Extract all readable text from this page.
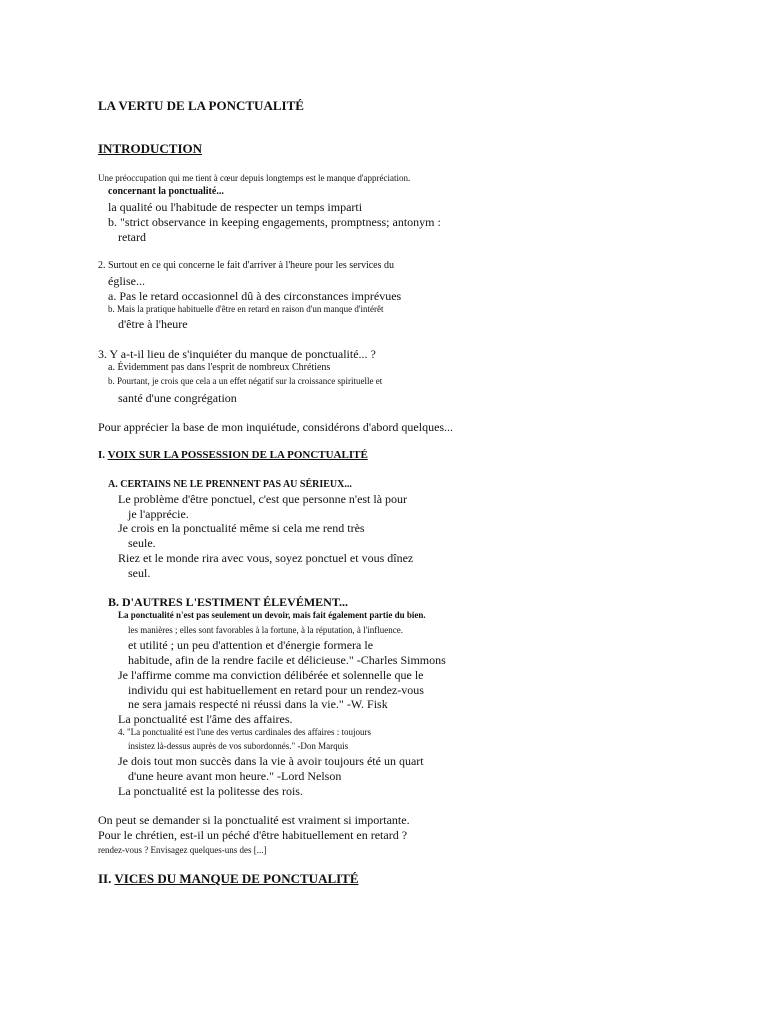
LA VERTU DE LA PONCTUALITÉ
INTRODUCTION
Une préoccupation qui me tient à cœur depuis longtemps est le manque d'appréciation.
concernant la ponctualité...
la qualité ou l'habitude de respecter un temps imparti
b. "strict observance in keeping engagements, promptness; antonym :
retard
2. Surtout en ce qui concerne le fait d'arriver à l'heure pour les services du
église...
a. Pas le retard occasionnel dû à des circonstances imprévues
b. Mais la pratique habituelle d'être en retard en raison d'un manque d'intérêt
d'être à l'heure
3. Y a-t-il lieu de s'inquiéter du manque de ponctualité... ?
a. Évidemment pas dans l'esprit de nombreux Chrétiens
b. Pourtant, je crois que cela a un effet négatif sur la croissance spirituelle et
santé d'une congrégation
Pour apprécier la base de mon inquiétude, considérons d'abord quelques...
I. VOIX SUR LA POSSESSION DE LA PONCTUALITÉ
A. CERTAINS NE LE PRENNENT PAS AU SÉRIEUX...
Le problème d'être ponctuel, c'est que personne n'est là pour
je l'apprécie.
Je crois en la ponctualité même si cela me rend très
seule.
Riez et le monde rira avec vous, soyez ponctuel et vous dînez
seul.
B. D'AUTRES L'ESTIMENT ÉLEVÉMENT...
La ponctualité n'est pas seulement un devoir, mais fait également partie du bien.
les manières ; elles sont favorables à la fortune, à la réputation, à l'influence.
et utilité ; un peu d'attention et d'énergie formera le
habitude, afin de la rendre facile et délicieuse." -Charles Simmons
Je l'affirme comme ma conviction délibérée et solennelle que le
individu qui est habituellement en retard pour un rendez-vous
ne sera jamais respecté ni réussi dans la vie." -W. Fisk
La ponctualité est l'âme des affaires.
4. "La ponctualité est l'une des vertus cardinales des affaires : toujours
insistez là-dessus auprès de vos subordonnés." -Don Marquis
Je dois tout mon succès dans la vie à avoir toujours été un quart
d'une heure avant mon heure." -Lord Nelson
La ponctualité est la politesse des rois.
On peut se demander si la ponctualité est vraiment si importante.
Pour le chrétien, est-il un péché d'être habituellement en retard ?
rendez-vous ? Envisagez quelques-uns des [...]
II. VICES DU MANQUE DE PONCTUALITÉ
